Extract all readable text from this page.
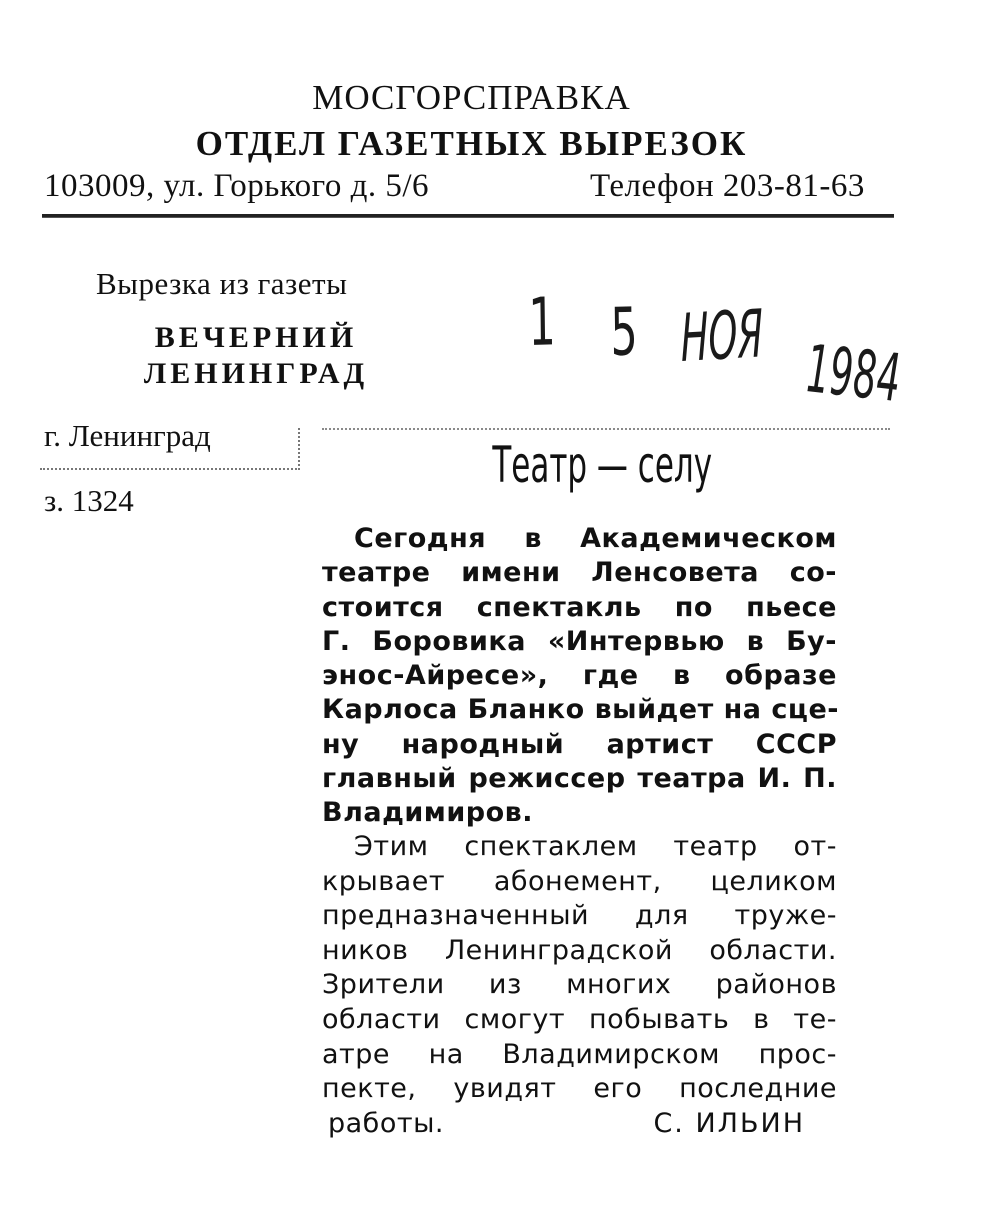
МОСГОРСПРАВКА
ОТДЕЛ ГАЗЕТНЫХ ВЫРЕЗОК
103009, ул. Горького д. 5/6	Телефон 203-81-63
Вырезка из газеты
ВЕЧЕРНИЙ
ЛЕНИНГРАД
г. Ленинград
з. 1324
1 5 НОЯ 1984
Театр — селу
Сегодня в Академическом
театре имени Ленсовета со-
стоится спектакль по пьесе
Г. Боровика «Интервью в Бу-
энос-Айресе», где в образе
Карлоса Бланко выйдет на сце-
ну народный артист СССР
главный режиссер театра И. П.
Владимиров.
Этим спектаклем театр от-
крывает абонемент, целиком
предназначенный для труже-
ников Ленинградской области.
Зрители из многих районов
области смогут побывать в те-
атре на Владимирском прос-
пекте, увидят его последние
работы.	С. ИЛЬИН
